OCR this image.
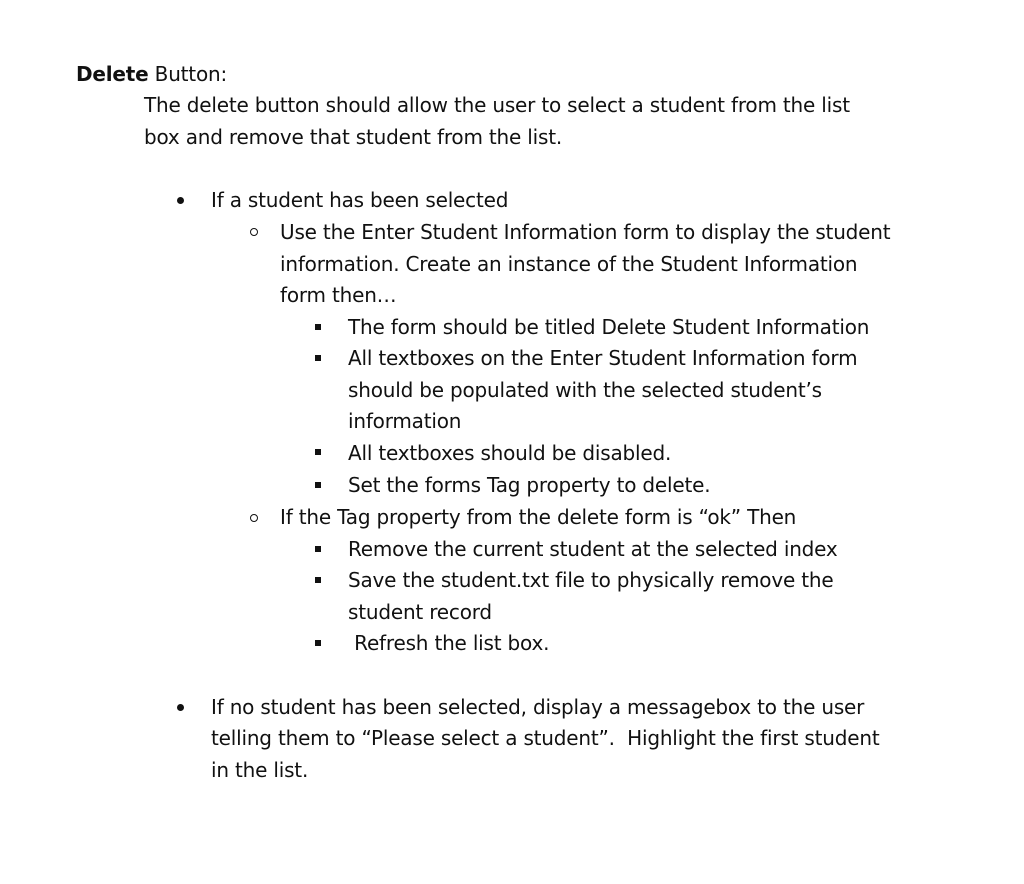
Delete Button:
The delete button should allow the user to select a student from the list
box and remove that student from the list.
If a student has been selected
Use the Enter Student Information form to display the student
information. Create an instance of the Student Information
form then…
The form should be titled Delete Student Information
All textboxes on the Enter Student Information form
should be populated with the selected student’s
information
All textboxes should be disabled.
Set the forms Tag property to delete.
If the Tag property from the delete form is “ok” Then
Remove the current student at the selected index
Save the student.txt file to physically remove the
student record
Refresh the list box.
If no student has been selected, display a messagebox to the user
telling them to “Please select a student”.  Highlight the first student
in the list.
